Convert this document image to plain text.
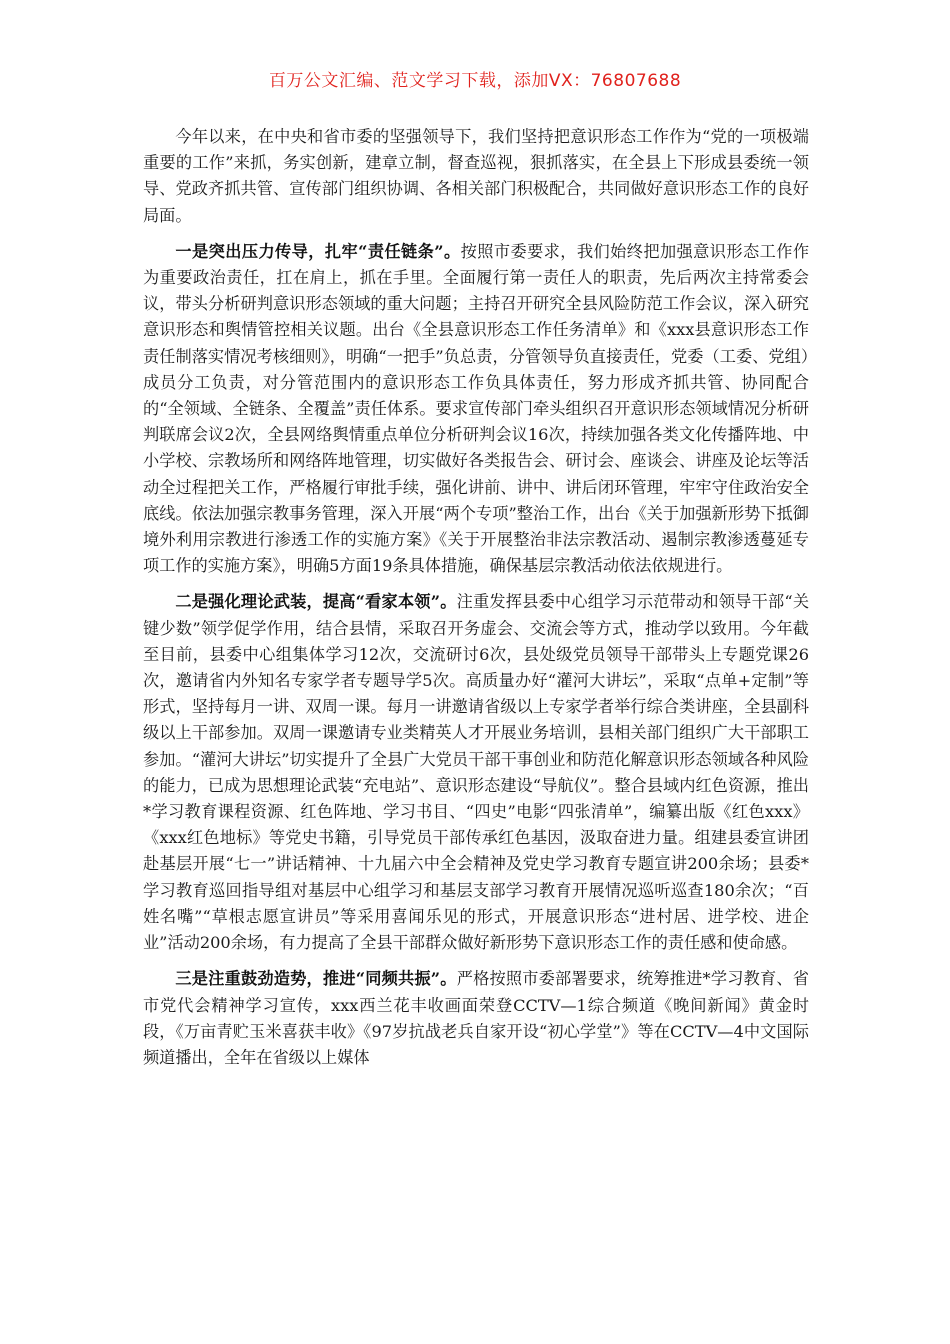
百万公文汇编、范文学习下载，添加VX：76807688

今年以来，在中央和省市委的坚强领导下，我们坚持把意识形态工作作为“党的一项极端重要的工作”来抓，务实创新，建章立制，督查巡视，狠抓落实，在全县上下形成县委统一领导、党政齐抓共管、宣传部门组织协调、各相关部门积极配合，共同做好意识形态工作的良好局面。

一是突出压力传导，扎牢“责任链条”。按照市委要求，我们始终把加强意识形态工作作为重要政治责任，扛在肩上，抓在手里。全面履行第一责任人的职责，先后两次主持常委会议，带头分析研判意识形态领域的重大问题；主持召开研究全县风险防范工作会议，深入研究意识形态和舆情管控相关议题。出台《全县意识形态工作任务清单》和《xxx县意识形态工作责任制落实情况考核细则》，明确“一把手”负总责，分管领导负直接责任，党委（工委、党组）成员分工负责，对分管范围内的意识形态工作负具体责任，努力形成齐抓共管、协同配合的“全领域、全链条、全覆盖”责任体系。要求宣传部门牵头组织召开意识形态领域情况分析研判联席会议2次，全县网络舆情重点单位分析研判会议16次，持续加强各类文化传播阵地、中小学校、宗教场所和网络阵地管理，切实做好各类报告会、研讨会、座谈会、讲座及论坛等活动全过程把关工作，严格履行审批手续，强化讲前、讲中、讲后闭环管理，牢牢守住政治安全底线。依法加强宗教事务管理，深入开展“两个专项”整治工作，出台《关于加强新形势下抵御境外利用宗教进行渗透工作的实施方案》《关于开展整治非法宗教活动、遏制宗教渗透蔓延专项工作的实施方案》，明确5方面19条具体措施，确保基层宗教活动依法依规进行。

二是强化理论武装，提高“看家本领”。注重发挥县委中心组学习示范带动和领导干部“关键少数”领学促学作用，结合县情，采取召开务虚会、交流会等方式，推动学以致用。今年截至目前，县委中心组集体学习12次，交流研讨6次，县处级党员领导干部带头上专题党课26次，邀请省内外知名专家学者专题导学5次。高质量办好“灌河大讲坛”，采取“点单+定制”等形式，坚持每月一讲、双周一课。每月一讲邀请省级以上专家学者举行综合类讲座，全县副科级以上干部参加。双周一课邀请专业类精英人才开展业务培训，县相关部门组织广大干部职工参加。“灌河大讲坛”切实提升了全县广大党员干部干事创业和防范化解意识形态领域各种风险的能力，已成为思想理论武装“充电站”、意识形态建设“导航仪”。整合县域内红色资源，推出*学习教育课程资源、红色阵地、学习书目、“四史”电影“四张清单”，编纂出版《红色xxx》《xxx红色地标》等党史书籍，引导党员干部传承红色基因，汲取奋进力量。组建县委宣讲团赴基层开展“七一”讲话精神、十九届六中全会精神及党史学习教育专题宣讲200余场；县委*学习教育巡回指导组对基层中心组学习和基层支部学习教育开展情况巡听巡查180余次；“百姓名嘴”“草根志愿宣讲员”等采用喜闻乐见的形式，开展意识形态“进村居、进学校、进企业”活动200余场，有力提高了全县干部群众做好新形势下意识形态工作的责任感和使命感。

三是注重鼓劲造势，推进“同频共振”。严格按照市委部署要求，统筹推进*学习教育、省市党代会精神学习宣传，xxx西兰花丰收画面荣登CCTV—1综合频道《晚间新闻》黄金时段，《万亩青贮玉米喜获丰收》《97岁抗战老兵自家开设“初心学堂”》等在CCTV—4中文国际频道播出，全年在省级以上媒体
